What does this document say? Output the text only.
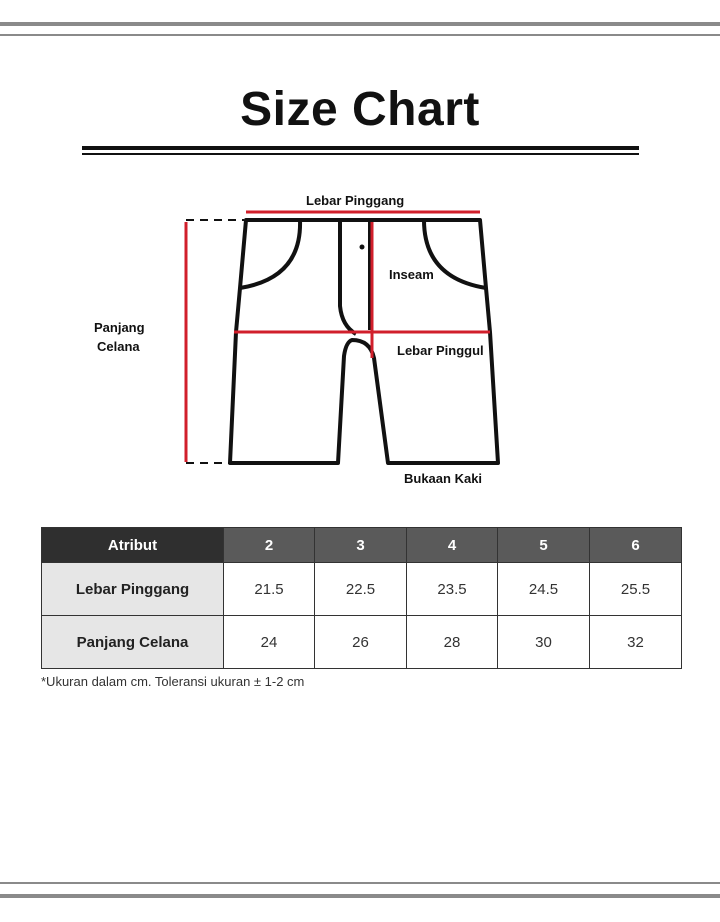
Size Chart
Lebar Pinggang
Inseam
Panjang
Celana	Lebar Pinggul
Bukaan Kaki
Atribut	2	3	4	5	6
Lebar Pinggang	21.5	22.5	23.5	24.5	25.5
Panjang Celana	24	26	28	30	32
*Ukuran dalam cm. Toleransi ukuran ± 1-2 cm
